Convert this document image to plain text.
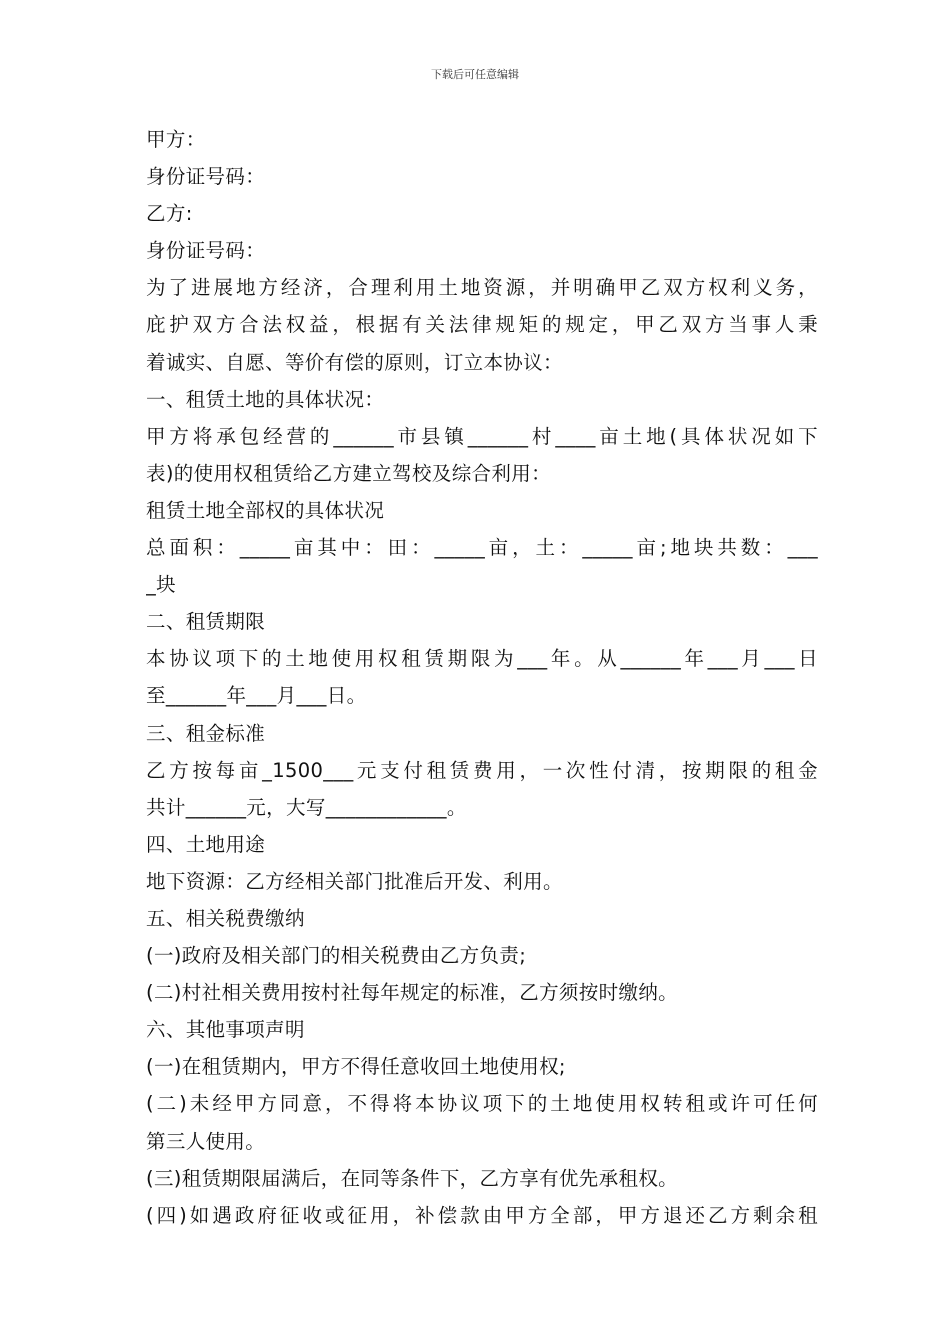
下载后可任意编辑
甲方：
身份证号码：
乙方:
身份证号码：
为了进展地方经济，合理利用土地资源，并明确甲乙双方权利义务，
庇护双方合法权益，根据有关法律规矩的规定，甲乙双方当事人秉
着诚实、自愿、等价有偿的原则，订立本协议：
一、租赁土地的具体状况：
甲方将承包经营的______市县镇______村____亩土地(具体状况如下
表)的使用权租赁给乙方建立驾校及综合利用：
租赁土地全部权的具体状况
总面积：_____亩其中：田：_____亩，土：_____亩;地块共数：___
_块
二、租赁期限
本协议项下的土地使用权租赁期限为___年。从______年___月___日
至______年___月___日。
三、租金标准
乙方按每亩_1500___元支付租赁费用，一次性付清，按期限的租金
共计______元，大写____________。
四、土地用途
地下资源：乙方经相关部门批准后开发、利用。
五、相关税费缴纳
(一)政府及相关部门的相关税费由乙方负责;
(二)村社相关费用按村社每年规定的标准，乙方须按时缴纳。
六、其他事项声明
(一)在租赁期内，甲方不得任意收回土地使用权;
(二)未经甲方同意，不得将本协议项下的土地使用权转租或许可任何
第三人使用。
(三)租赁期限届满后，在同等条件下，乙方享有优先承租权。
(四)如遇政府征收或征用，补偿款由甲方全部，甲方退还乙方剩余租
